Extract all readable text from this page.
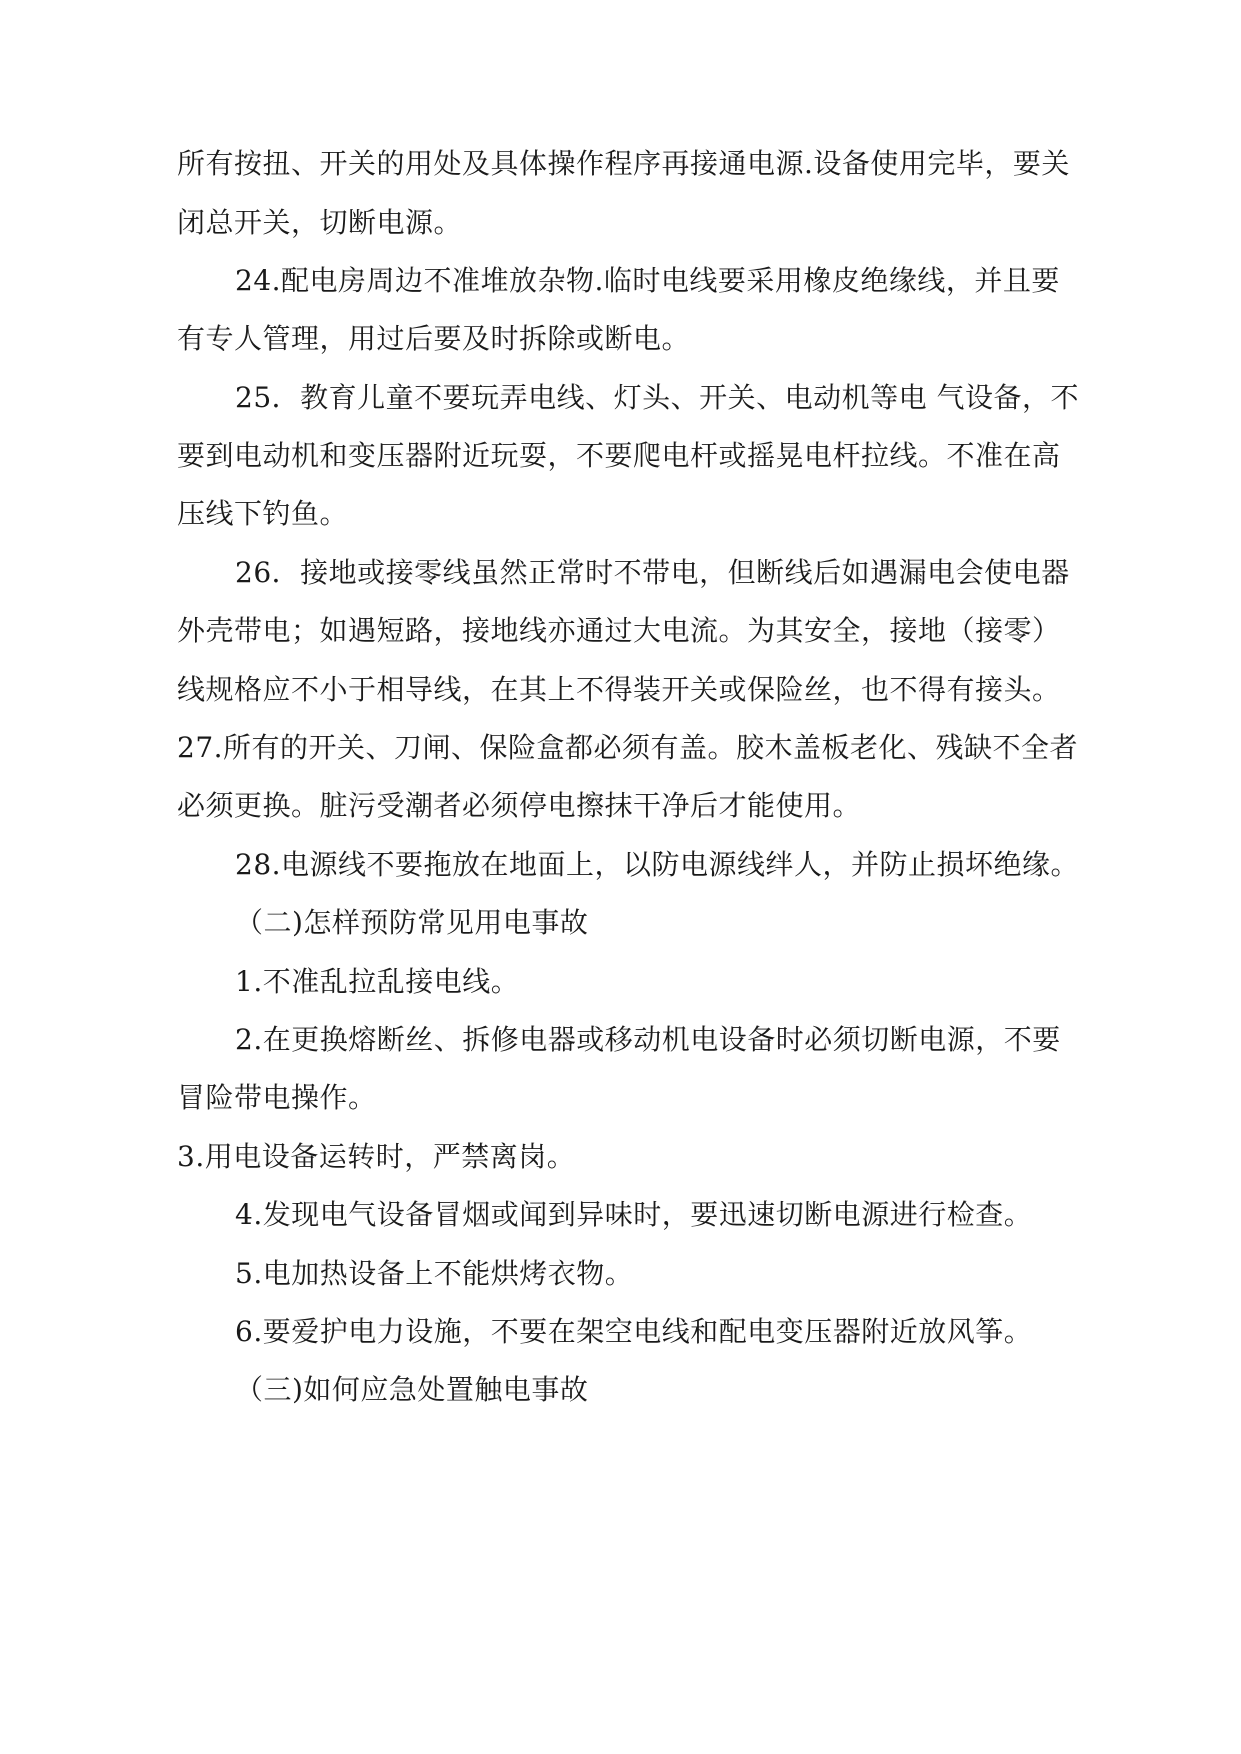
所有按扭、开关的用处及具体操作程序再接通电源.设备使用完毕，要关
闭总开关，切断电源。
24.配电房周边不准堆放杂物.临时电线要采用橡皮绝缘线，并且要
有专人管理，用过后要及时拆除或断电。
25．教育儿童不要玩弄电线、灯头、开关、电动机等电 气设备，不
要到电动机和变压器附近玩耍，不要爬电杆或摇晃电杆拉线。不准在高
压线下钓鱼。
26．接地或接零线虽然正常时不带电，但断线后如遇漏电会使电器
外壳带电；如遇短路，接地线亦通过大电流。为其安全，接地（接零）
线规格应不小于相导线，在其上不得装开关或保险丝，也不得有接头。
27.所有的开关、刀闸、保险盒都必须有盖。胶木盖板老化、残缺不全者
必须更换。脏污受潮者必须停电擦抹干净后才能使用。
28.电源线不要拖放在地面上，以防电源线绊人，并防止损坏绝缘。
（二)怎样预防常见用电事故
1.不准乱拉乱接电线。
2.在更换熔断丝、拆修电器或移动机电设备时必须切断电源，不要
冒险带电操作。
3.用电设备运转时，严禁离岗。
4.发现电气设备冒烟或闻到异味时，要迅速切断电源进行检查。
5.电加热设备上不能烘烤衣物。
6.要爱护电力设施，不要在架空电线和配电变压器附近放风筝。
（三)如何应急处置触电事故
